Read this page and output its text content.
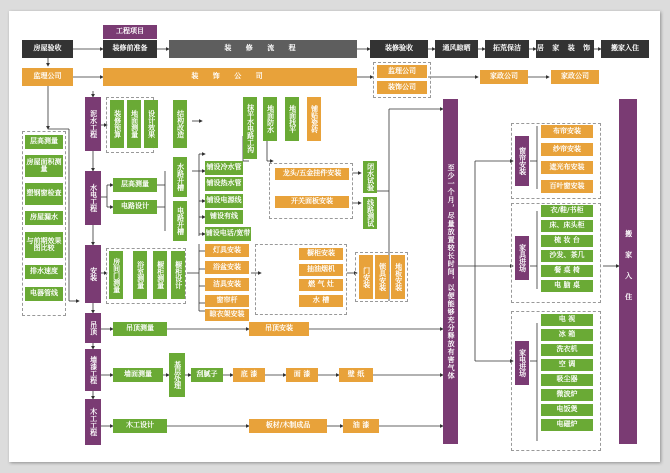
房屋验收
工程项目
装修前准备	装 修 流 程	装修验收	通风晾晒	拓荒保洁	居 家 装 饰	搬家入住
监理公司	装 饰 公 司
监理公司
装饰公司
家政公司	家政公司
层高测量
房屋面积测量
塑钢窗检查
房屋漏水
与前期效果图比较
排水速度
电器管线
泥水工程
水电工程
安装
吊顶
墙漆工程
木工工程
装修预算	地面测量	设计效果	结构改造	抹平水电路工沟	地面防水	地面找平	铺贴瓷砖
层高测量
电路设计
水路开槽
电路开槽
铺设冷水管
铺设热水管
铺设电源线
铺设有线
铺设电话/宽带
龙头/五金挂件安装
开关面板安装
闭水试验
线路测试
房间门测量	浴室测量	橱柜测量	橱柜设计
灯具安装
浴盆安装
洁具安装
窗帘杆
晾衣架安装
橱柜安装
抽油烟机
燃 气 灶
水 槽
门安装	锁具安装	地板安装
吊顶测量	吊顶安装
墙面测量	基层处理	刮腻子	底 漆	面 漆	壁 纸
木工设计	板材/木制成品	油 漆
至少一个月，尽量放置较长时间，以便能够充分释放有害气体
窗帘安装
布帘安装
纱帘安装
遮光布安装
百叶窗安装
家具进场
衣/鞋/书柜
床、床头柜
梳 妆 台
沙发、茶几
餐 桌 椅
电 脑 桌
家电进场
电 视
冰 箱
洗衣机
空 调
吸尘器
微波炉
电饭煲
电磁炉
搬家入住
